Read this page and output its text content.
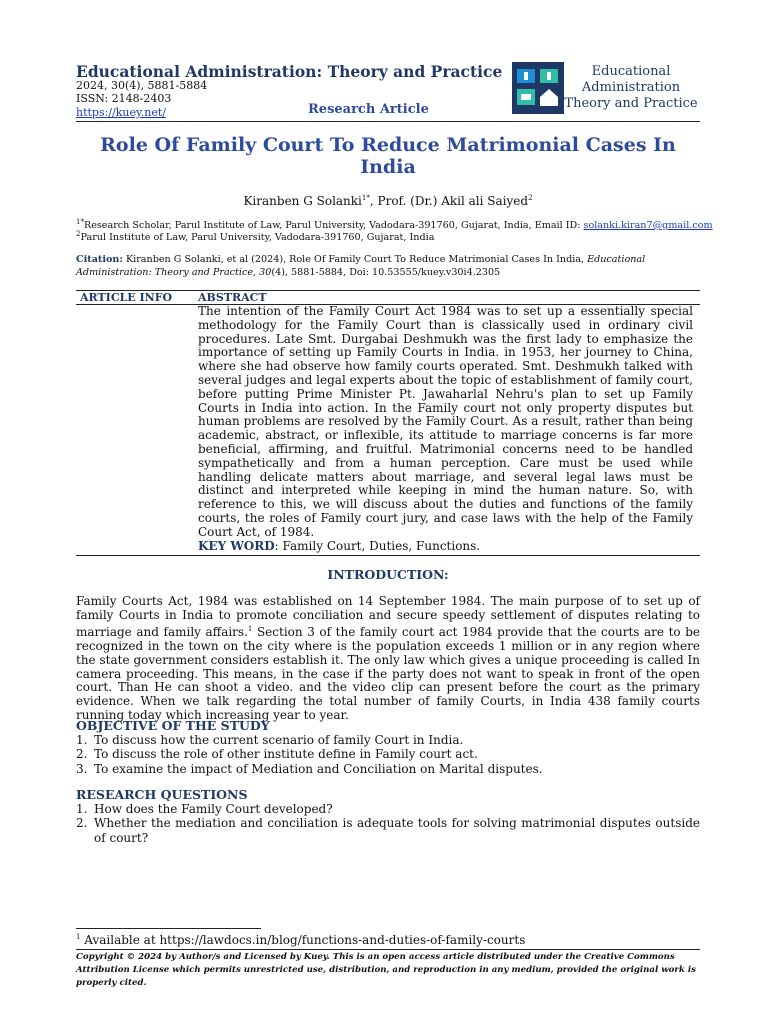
Educational Administration: Theory and Practice
2024, 30(4), 5881-5884
ISSN: 2148-2403
https://kuey.net/	Research Article
Educational
Administration
Theory and Practice
Role Of Family Court To Reduce Matrimonial Cases In India
Kiranben G Solanki$^{1*}$, Prof. (Dr.) Akil ali Saiyed$^2$
$^{1*}$Research Scholar, Parul Institute of Law, Parul University, Vadodara-391760, Gujarat, India, Email ID: solanki.kiran7@gmail.com
$^2$Parul Institute of Law, Parul University, Vadodara-391760, Gujarat, India
Citation: Kiranben G Solanki, et al (2024), Role Of Family Court To Reduce Matrimonial Cases In India, Educational Administration: Theory and Practice, 30(4), 5881-5884, Doi: 10.53555/kuey.v30i4.2305
ARTICLE INFO ABSTRACT
The intention of the Family Court Act 1984 was to set up a essentially special methodology for the Family Court than is classically used in ordinary civil procedures. Late Smt. Durgabai Deshmukh was the first lady to emphasize the importance of setting up Family Courts in India. in 1953, her journey to China, where she had observe how family courts operated. Smt. Deshmukh talked with several judges and legal experts about the topic of establishment of family court, before putting Prime Minister Pt. Jawaharlal Nehru's plan to set up Family Courts in India into action. In the Family court not only property disputes but human problems are resolved by the Family Court. As a result, rather than being academic, abstract, or inflexible, its attitude to marriage concerns is far more beneficial, affirming, and fruitful. Matrimonial concerns need to be handled sympathetically and from a human perception. Care must be used while handling delicate matters about marriage, and several legal laws must be distinct and interpreted while keeping in mind the human nature. So, with reference to this, we will discuss about the duties and functions of the family courts, the roles of Family court jury, and case laws with the help of the Family Court Act, of 1984.
KEY WORD: Family Court, Duties, Functions.
INTRODUCTION:
Family Courts Act, 1984 was established on 14 September 1984. The main purpose of to set up of family Courts in India to promote conciliation and secure speedy settlement of disputes relating to marriage and family affairs.$^1$ Section 3 of the family court act 1984 provide that the courts are to be recognized in the town on the city where is the population exceeds 1 million or in any region where the state government considers establish it. The only law which gives a unique proceeding is called In camera proceeding. This means, in the case if the party does not want to speak in front of the open court. Than He can shoot a video. and the video clip can present before the court as the primary evidence. When we talk regarding the total number of family Courts, in India 438 family courts running today which increasing year to year.
OBJECTIVE OF THE STUDY
1. To discuss how the current scenario of family Court in India.
2. To discuss the role of other institute define in Family court act.
3. To examine the impact of Mediation and Conciliation on Marital disputes.
RESEARCH QUESTIONS
1. How does the Family Court developed?
2. Whether the mediation and conciliation is adequate tools for solving matrimonial disputes outside of court?
$^1$ Available at https://lawdocs.in/blog/functions-and-duties-of-family-courts
Copyright © 2024 by Author/s and Licensed by Kuey. This is an open access article distributed under the Creative Commons Attribution License which permits unrestricted use, distribution, and reproduction in any medium, provided the original work is properly cited.
